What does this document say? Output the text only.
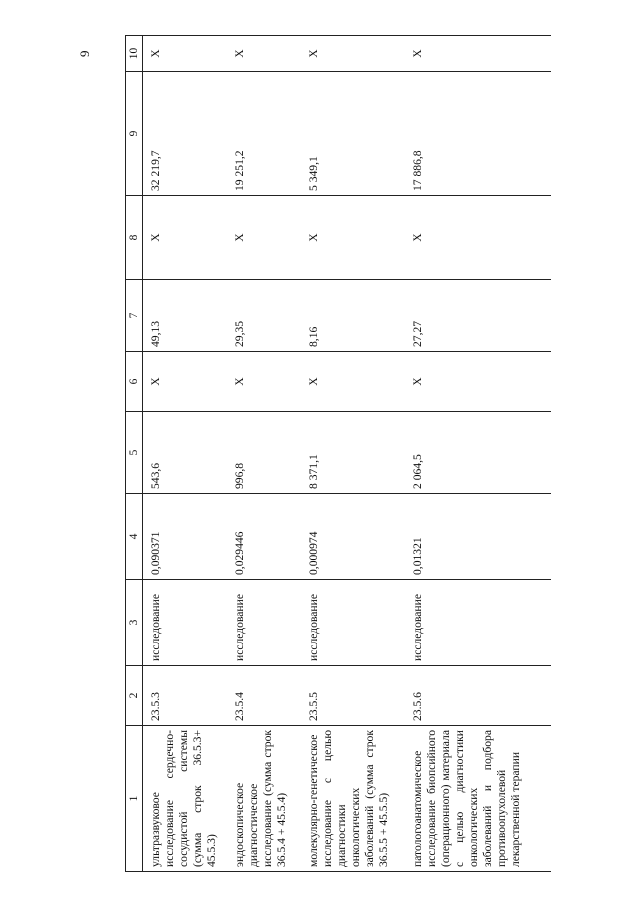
9
1	2	3	4	5	6	7	8	9	10
ультразвуковое исследование сердечно-сосудистой системы (сумма строк 36.5.3+ 45.5.3)	23.5.3	исследование	0,090371	543,6	X	49,13	X	32 219,7	X
эндоскопическое диагностическое исследование (сумма строк 36.5.4 + 45.5.4)	23.5.4	исследование	0,029446	996,8	X	29,35	X	19 251,2	X
молекулярно-генетическое исследование с целью диагностики онкологических заболеваний (сумма строк 36.5.5 + 45.5.5)	23.5.5	исследование	0,000974	8 371,1	X	8,16	X	5 349,1	X
патологоанатомическое исследование биопсийного (операционного) материала с целью диагностики онкологических заболеваний и подбора противоопухолевой лекарственной терапии	23.5.6	исследование	0,01321	2 064,5	X	27,27	X	17 886,8	X
